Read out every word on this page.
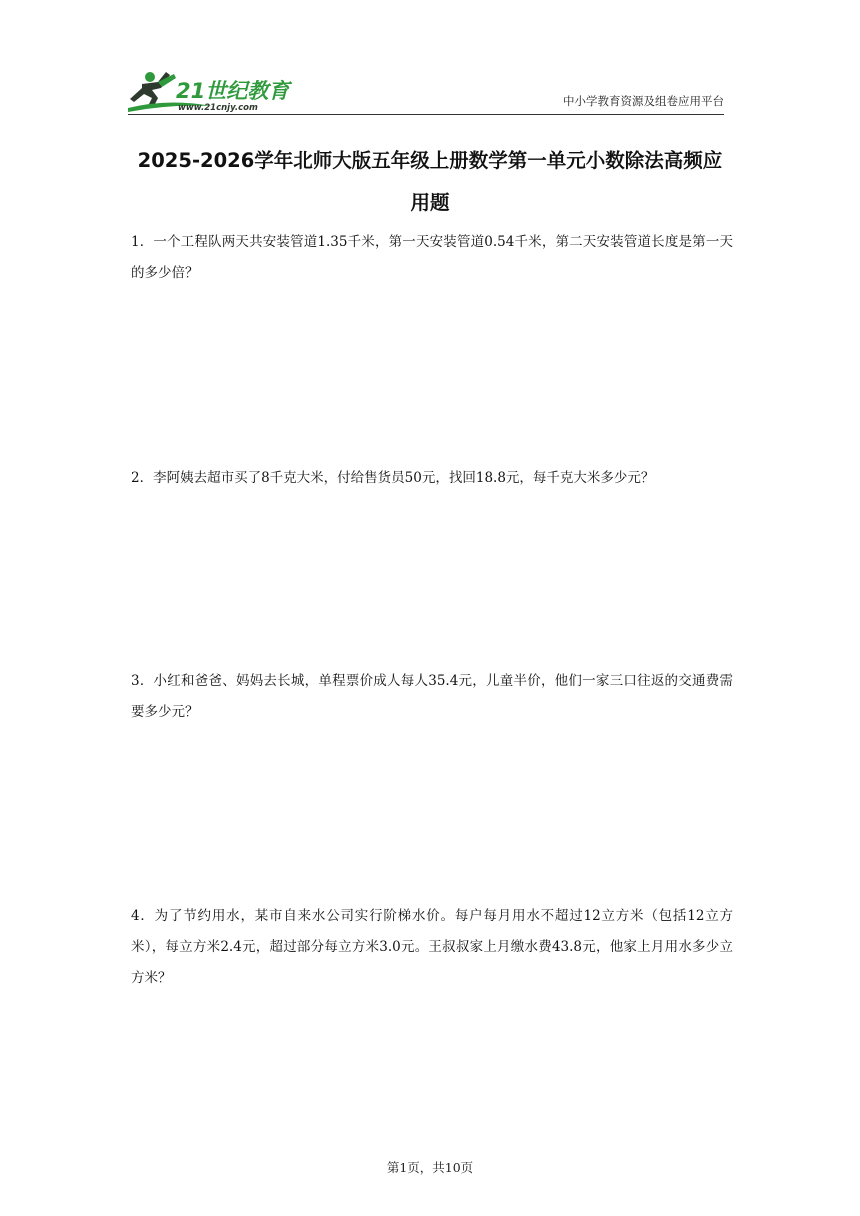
21世纪教育
www.21cnjy.com	中小学教育资源及组卷应用平台
2025-2026学年北师大版五年级上册数学第一单元小数除法高频应用题
1．一个工程队两天共安装管道1.35千米，第一天安装管道0.54千米，第二天安装管道长度是第一天的多少倍？
2．李阿姨去超市买了8千克大米，付给售货员50元，找回18.8元，每千克大米多少元？
3．小红和爸爸、妈妈去长城，单程票价成人每人35.4元，儿童半价，他们一家三口往返的交通费需要多少元？
4．为了节约用水，某市自来水公司实行阶梯水价。每户每月用水不超过12立方米（包括12立方米），每立方米2.4元，超过部分每立方米3.0元。王叔叔家上月缴水费43.8元，他家上月用水多少立方米？
第1页，共10页
